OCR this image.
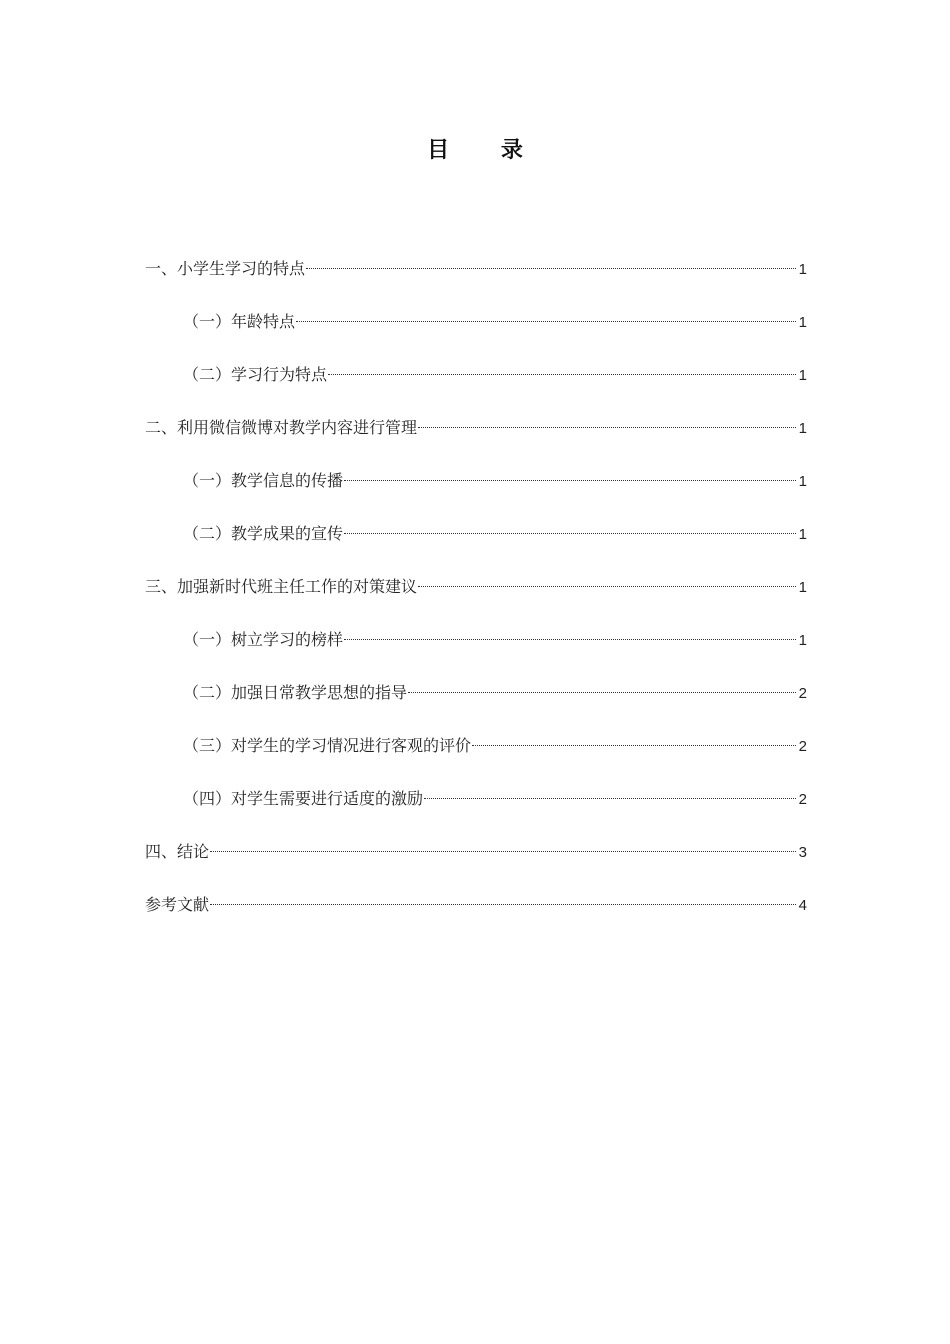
目 录
一、小学生学习的特点	1
（一）年龄特点	1
（二）学习行为特点	1
二、利用微信微博对教学内容进行管理	1
（一）教学信息的传播	1
（二）教学成果的宣传	1
三、加强新时代班主任工作的对策建议	1
（一）树立学习的榜样	1
（二）加强日常教学思想的指导	2
（三）对学生的学习情况进行客观的评价	2
（四）对学生需要进行适度的激励	2
四、结论	3
参考文献	4
